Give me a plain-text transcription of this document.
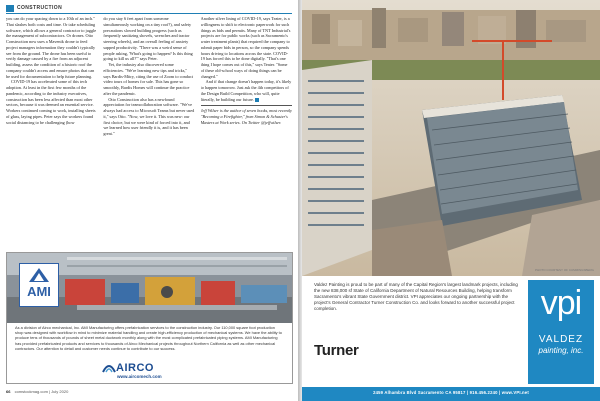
CONSTRUCTION

you can do your spacing down to a 10th of an inch." That slashes both costs and time. Or take scheduling software, which allows a general contractor to juggle the management of subcontractors. Or drones. Otto Construction now uses a Mavenik drone to feed project managers information they couldn't typically see from the ground. The drone has been useful to verify damage caused by a fire from an adjacent building, assess the condition of a historic roof the company couldn't access and ensure photos that can be used for documentation to help future planning.

COVID-19 has accelerated some of this tech adoption. At least in the first few months of the pandemic, according to the industry executives, construction has been less affected than most other sectors, because it was deemed an essential service. Workers continued coming to work, installing sheets of glass, laying pipes. Peter says the workers found social distancing to be challenging (how

do you stay 6 feet apart from someone simultaneously working on a tiny roof?), and safety precautions slowed building progress (such as frequently sanitizing shovels, wrenches and tractor steering wheels), and an overall feeling of anxiety sapped productivity. "There was a weird sense of people asking, 'What's going to happen? Is this thing going to kill us all?'" says Peter.

Yet, the industry also discovered some efficiencies. "We're learning new tips and tricks," says Bardis-Mitry, citing the use of Zoom to conduct video tours of homes for sale. This has gone so smoothly, Bardis Homes will continue the practice after the pandemic.

Otto Construction also has a newfound appreciation for teamcollaboration software. "We've always had access to Microsoft Teams but never used it," says Otto. "Now, we love it. This was new: our first choice, but we were kind of forced into it, and we learned how user friendly it is, and it has been great."

Another silver lining of COVID-19, says Teater, is a willingness to shift to electronic paperwork for such things as bids and permits. Many of TNT Industrial's projects are for public works (such as Sacramento's water treatment plants) that required the company to submit paper bids in person, so the company spends hours driving to locations across the state. COVID-19 has forced this to be done digitally. "That's one thing I hope comes out of this," says Teater. "Some of these old-school ways of doing things can be changed."

And if that change doesn't happen today, it's likely to happen tomorrow. Just ask the 4th competitors of the Design Build Competition, who will, quite literally, be building our future.

Jeff Wilser is the author of seven books, most recently "Becoming a Firefighter," from Simon & Schuster's Masters at Work series. On Twitter @jeffwilser.

AMI
As a division of Airco mechanical, Inc. AMI Manufacturing offers prefabrication services to the construction industry. Our 110,000 square foot production shop was designed with workflow in mind to minimize material handling and create high-efficiency production of mechanical systems. We have the ability to produce tens of thousands of pounds of sheet metal ductwork monthly along with the most complicated prefabricated piping systems. AMI Manufacturing has provided prefabricated products and services to thousands of Airco Mechanical projects throughout Northern California as well as other mechanical contractors. Our attention to detail and customer needs continue to contribute to our success.
AIRCO
www.aircomech.com
66 comstockmag.com | July 2020
PHOTO COURTESY OF CUMMINGSBERG
Valdez Painting is proud to be part of many of the Capital Region's largest landmark projects, including the new 838,000 sf State of California Department of Natural Resources Building, helping transform Sacramento's vibrant State Government district. VPI appreciates our ongoing partnership with the project's General Contractor Turner Construction Co. and looks forward to another successful project completion.
Turner
vpi
VALDEZ
painting, inc.
2459 Alhambra Blvd Sacramento CA 95817 | 916.456.2240 | www.VPI.net
